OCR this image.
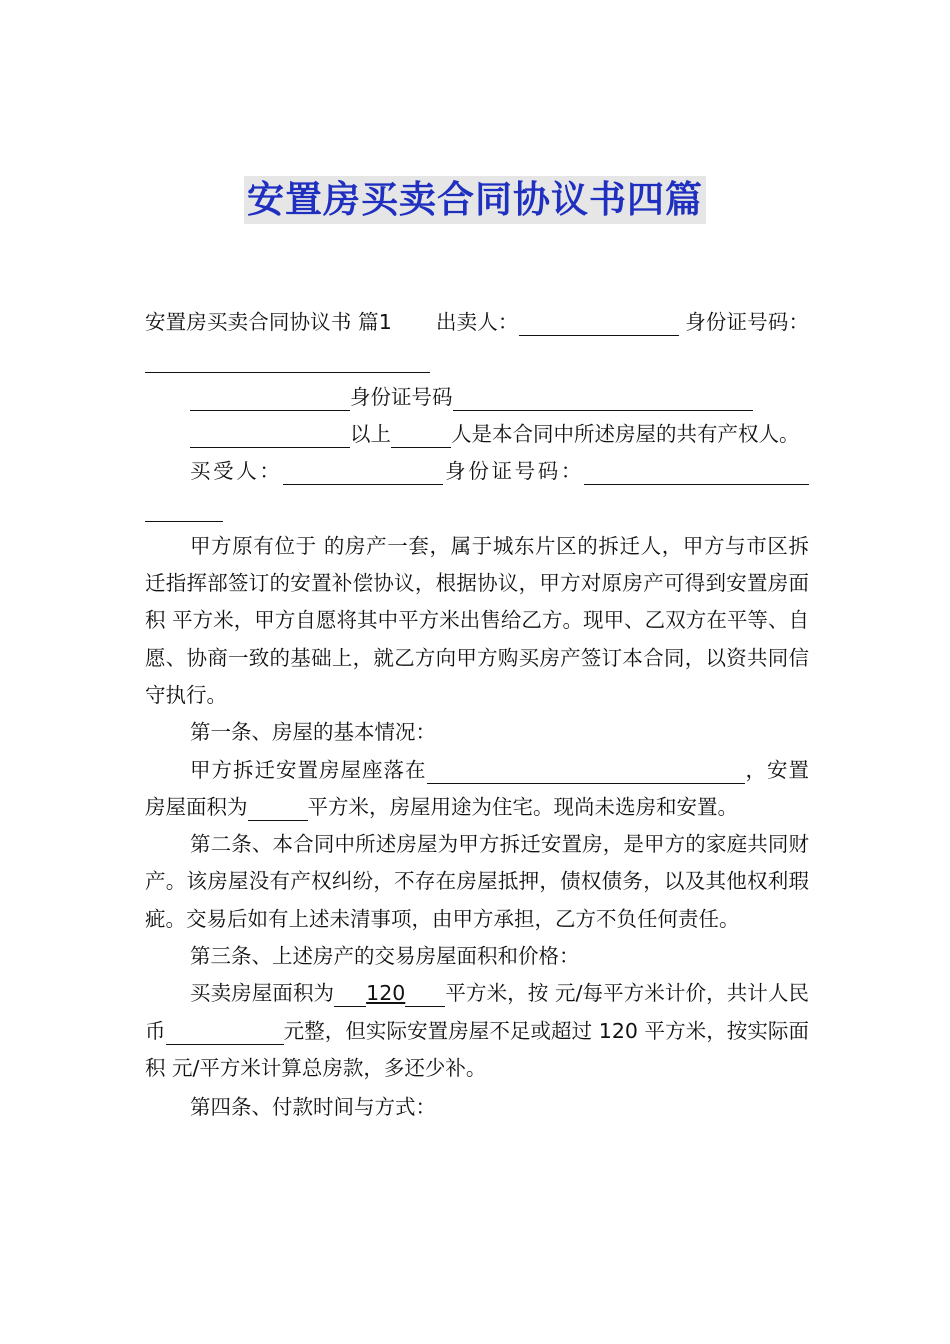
安置房买卖合同协议书四篇

安置房买卖合同协议书 篇1 出卖人：	身份证号码：

身份证号码

以上	人是本合同中所述房屋的共有产权人。

买受人：	身份证号码：

甲方原有位于 的房产一套，属于城东片区的拆迁人，甲方与市区拆迁指挥部签订的安置补偿协议，根据协议，甲方对原房产可得到安置房面积 平方米，甲方自愿将其中平方米出售给乙方。现甲、乙双方在平等、自愿、协商一致的基础上，就乙方向甲方购买房产签订本合同，以资共同信守执行。

第一条、房屋的基本情况：

甲方拆迁安置房屋座落在	，安置房屋面积为	平方米，房屋用途为住宅。现尚未选房和安置。

第二条、本合同中所述房屋为甲方拆迁安置房，是甲方的家庭共同财产。该房屋没有产权纠纷，不存在房屋抵押，债权债务，以及其他权利瑕疵。交易后如有上述未清事项，由甲方承担，乙方不负任何责任。

第三条、上述房产的交易房屋面积和价格：

买卖房屋面积为 120 平方米，按 元/每平方米计价，共计人民币	元整，但实际安置房屋不足或超过 120 平方米，按实际面积 元/平方米计算总房款，多还少补。

第四条、付款时间与方式：
